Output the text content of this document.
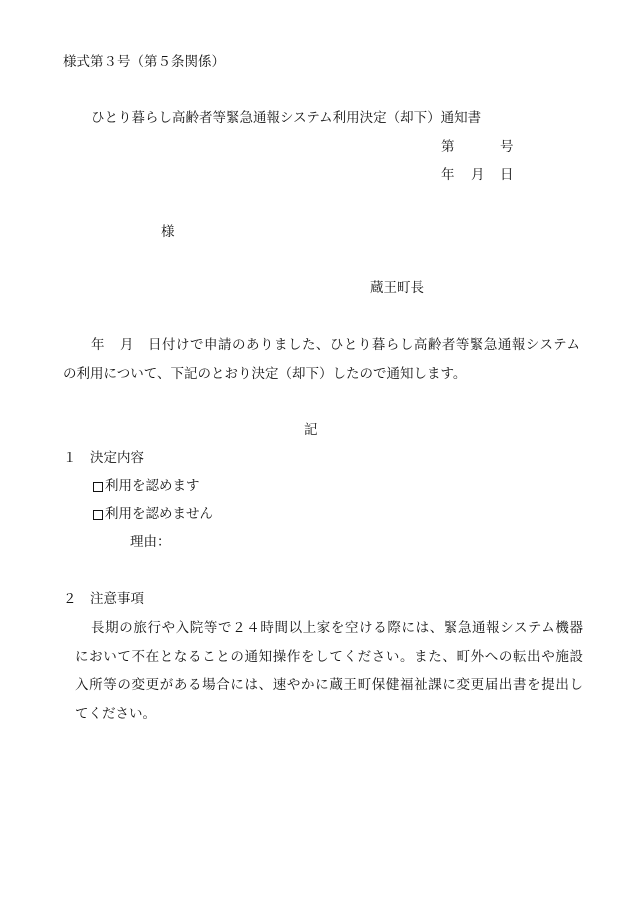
様式第３号（第５条関係）
ひとり暮らし高齢者等緊急通報システム利用決定（却下）通知書
第	号
年 月 日
様
蔵王町長
年 月 日付けで申請のありました、ひとり暮らし高齢者等緊急通報システム
の利用について、下記のとおり決定（却下）したので通知します。
記
１　決定内容
利用を認めます
利用を認めません
理由：
２　注意事項
長期の旅行や入院等で２４時間以上家を空ける際には、緊急通報システム機器
において不在となることの通知操作をしてください。また、町外への転出や施設
入所等の変更がある場合には、速やかに蔵王町保健福祉課に変更届出書を提出し
てください。
